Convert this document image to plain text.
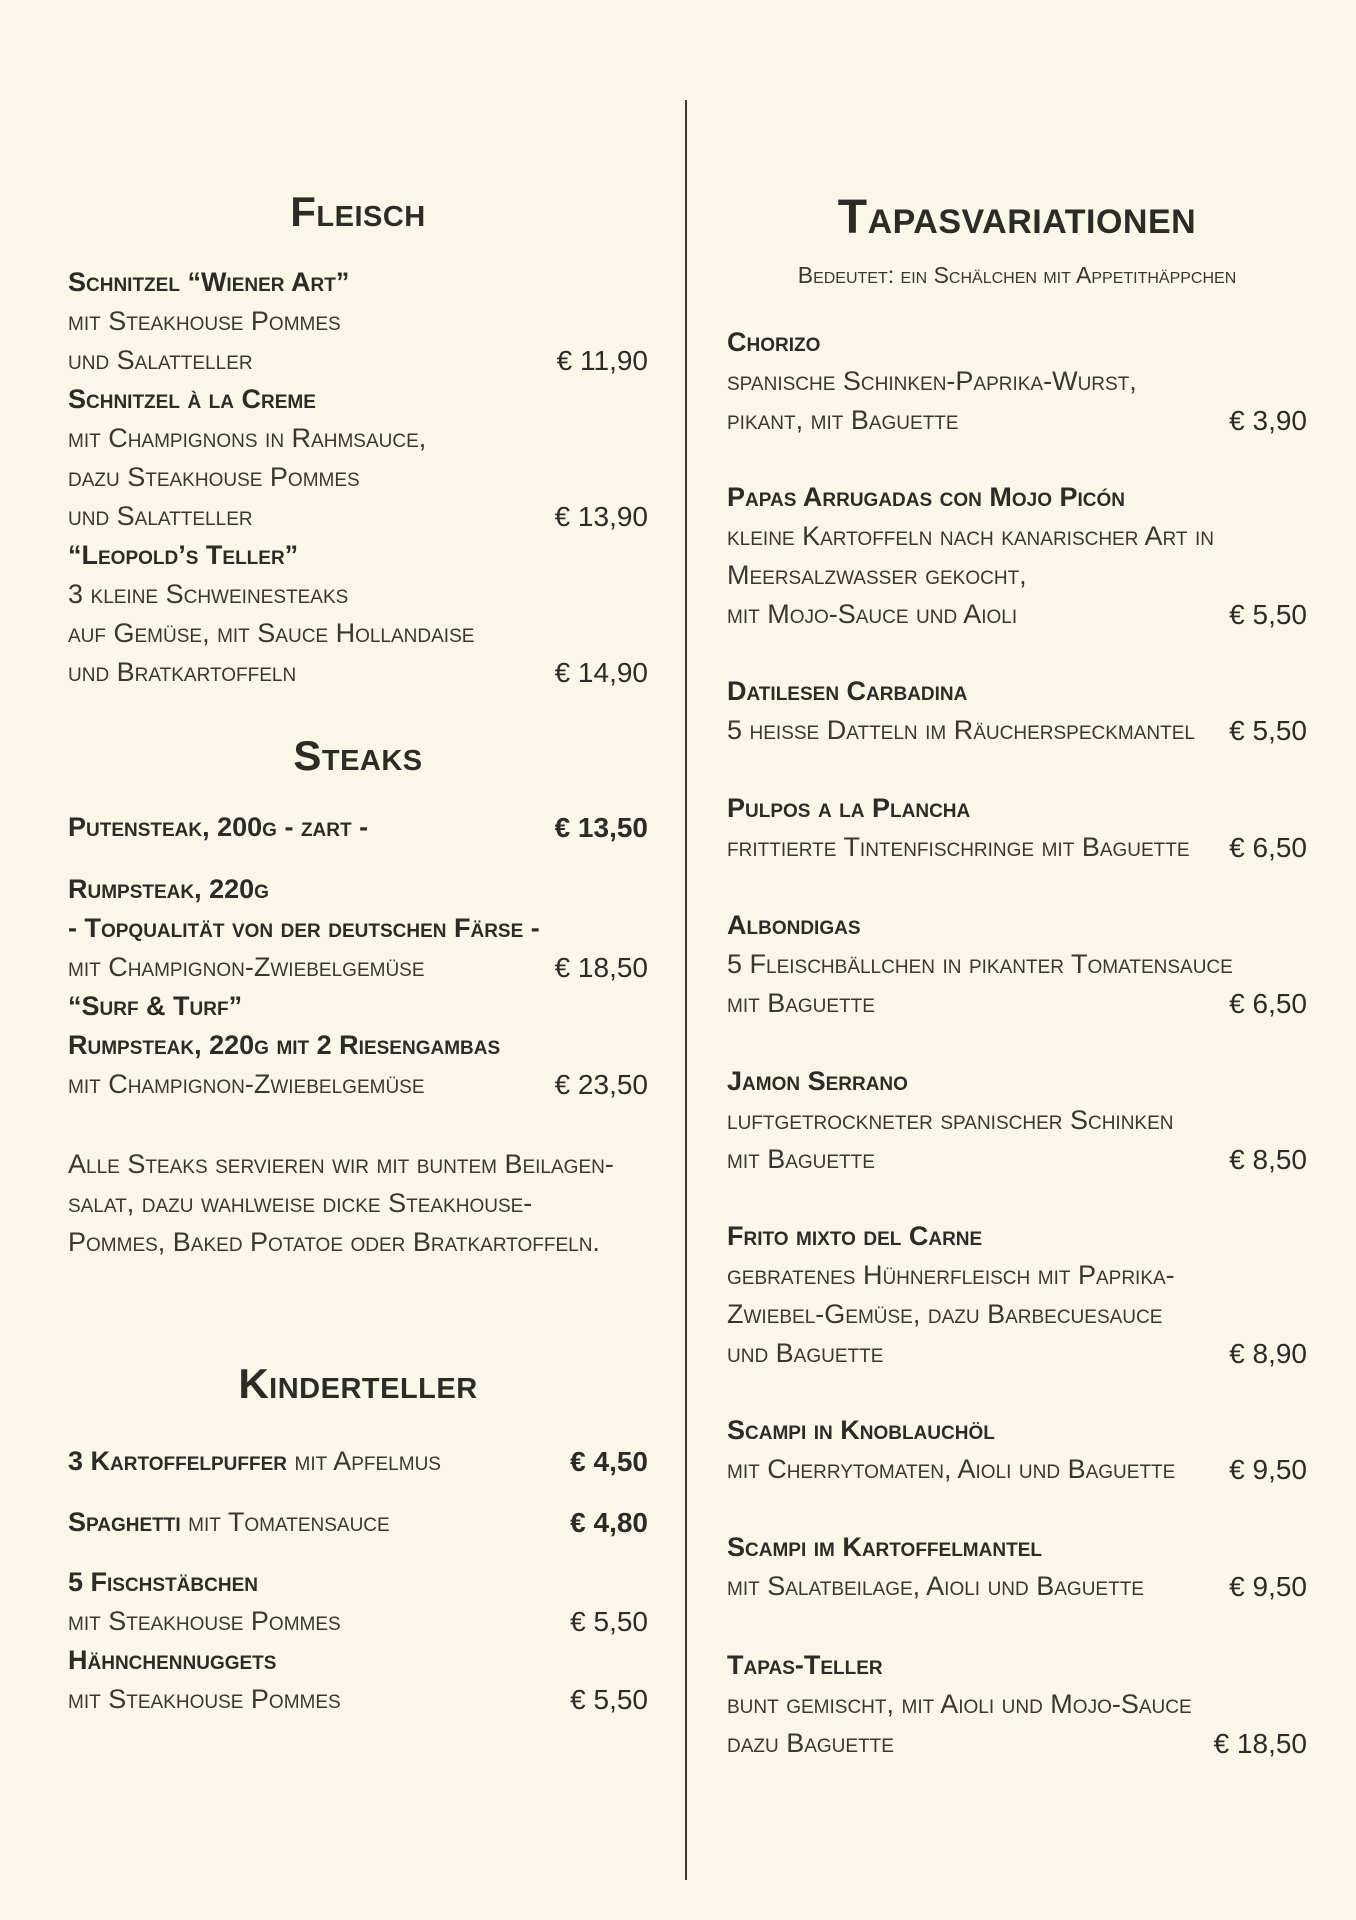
Fleisch
Schnitzel “Wiener Art”
mit Steakhouse Pommes
und Salatteller	€ 11,90
Schnitzel à la Creme
mit Champignons in Rahmsauce,
dazu Steakhouse Pommes
und Salatteller	€ 13,90
“Leopold’s Teller”
3 kleine Schweinesteaks
auf Gemüse, mit Sauce Hollandaise
und Bratkartoffeln	€ 14,90
Steaks
Putensteak, 200g - zart -	€ 13,50
Rumpsteak, 220g
- Topqualität von der deutschen Färse -
mit Champignon-Zwiebelgemüse	€ 18,50
“Surf & Turf”
Rumpsteak, 220g mit 2 Riesengambas
mit Champignon-Zwiebelgemüse	€ 23,50
Alle Steaks servieren wir mit buntem Beilagen-
salat, dazu wahlweise dicke Steakhouse-
Pommes, Baked Potatoe oder Bratkartoffeln.
Kinderteller
3 Kartoffelpuffer mit Apfelmus	€ 4,50
Spaghetti mit Tomatensauce	€ 4,80
5 Fischstäbchen
mit Steakhouse Pommes	€ 5,50
Hähnchennuggets
mit Steakhouse Pommes	€ 5,50
Tapasvariationen
Bedeutet: ein Schälchen mit Appetithäppchen
Chorizo
spanische Schinken-Paprika-Wurst,
pikant, mit Baguette	€ 3,90
Papas Arrugadas con Mojo Picón
kleine Kartoffeln nach kanarischer Art in
Meersalzwasser gekocht,
mit Mojo-Sauce und Aioli	€ 5,50
Datilesen Carbadina
5 heiße Datteln im Räucherspeckmantel € 5,50
Pulpos a la Plancha
frittierte Tintenfischringe mit Baguette € 6,50
Albondigas
5 Fleischbällchen in pikanter Tomatensauce
mit Baguette	€ 6,50
Jamon Serrano
luftgetrockneter spanischer Schinken
mit Baguette	€ 8,50
Frito mixto del Carne
gebratenes Hühnerfleisch mit Paprika-
Zwiebel-Gemüse, dazu Barbecuesauce
und Baguette	€ 8,90
Scampi in Knoblauchöl
mit Cherrytomaten, Aioli und Baguette € 9,50
Scampi im Kartoffelmantel
mit Salatbeilage, Aioli und Baguette	€ 9,50
Tapas-Teller
bunt gemischt, mit Aioli und Mojo-Sauce
dazu Baguette	€ 18,50
